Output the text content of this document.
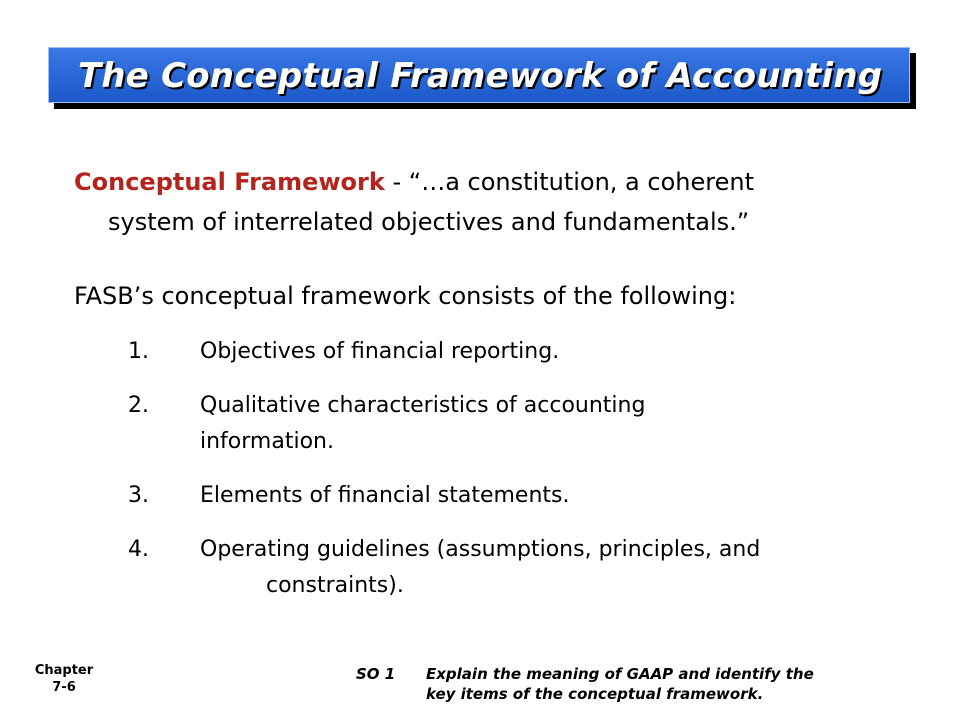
The Conceptual Framework of Accounting
Conceptual Framework - “…a constitution, a coherent
system of interrelated objectives and fundamentals.”
FASB’s conceptual framework consists of the following:
1.	Objectives of financial reporting.
2.	Qualitative characteristics of accounting
information.
3.	Elements of financial statements.
4.	Operating guidelines (assumptions, principles, and
constraints).
Chapter
7-6
SO 1 Explain the meaning of GAAP and identify the
key items of the conceptual framework.
